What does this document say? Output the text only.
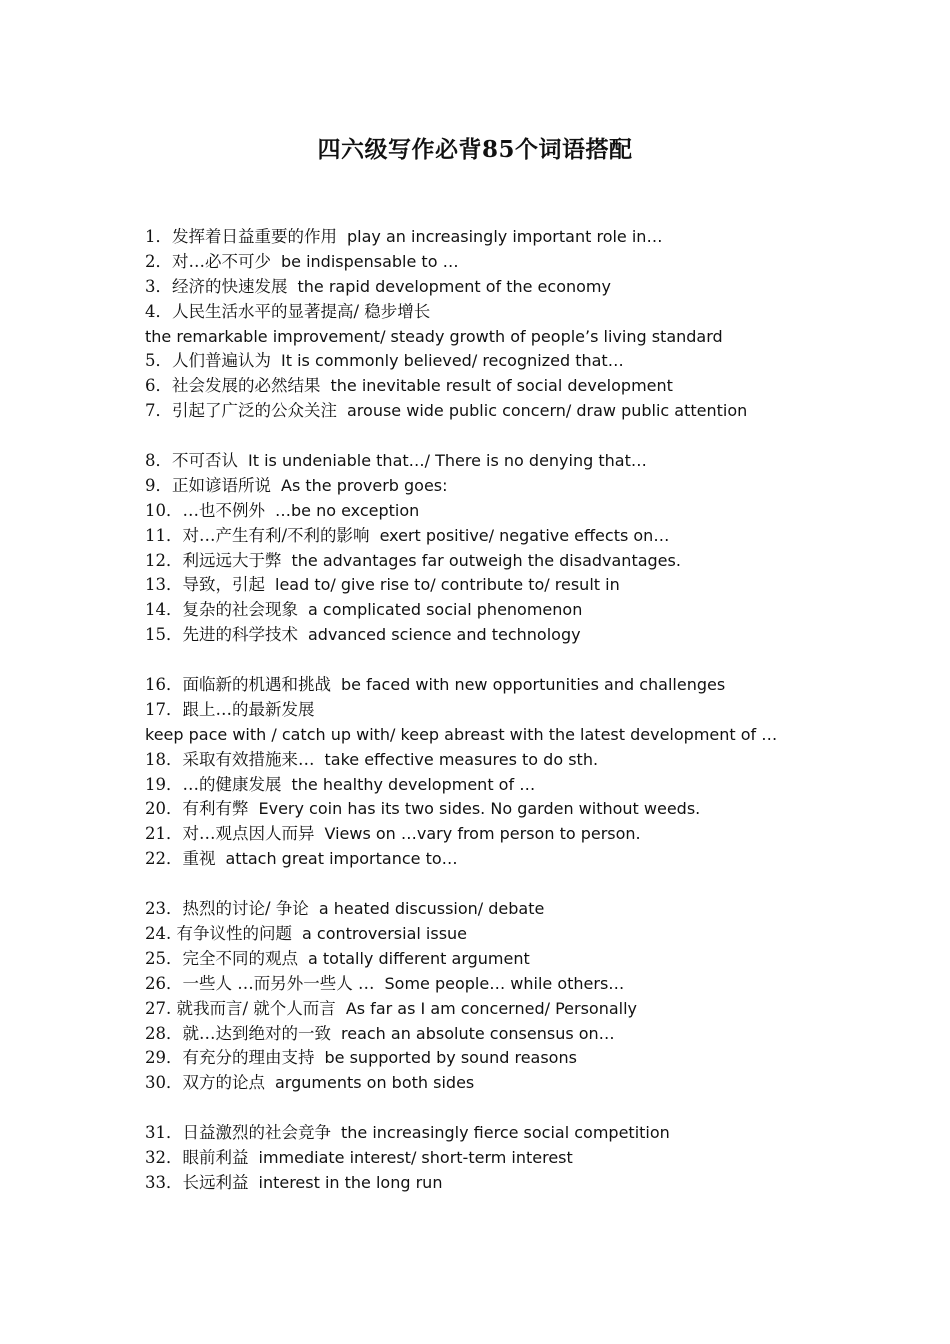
四六级写作必背85个词语搭配
1．发挥着日益重要的作用 play an increasingly important role in…
2．对…必不可少 be indispensable to …
3．经济的快速发展 the rapid development of the economy
4．人民生活水平的显著提高/ 稳步增长
the remarkable improvement/ steady growth of people’s living standard
5．人们普遍认为 It is commonly believed/ recognized that…
6．社会发展的必然结果 the inevitable result of social development
7．引起了广泛的公众关注 arouse wide public concern/ draw public attention
8．不可否认 It is undeniable that…/ There is no denying that…
9．正如谚语所说 As the proverb goes:
10．…也不例外 …be no exception
11．对…产生有利/不利的影响 exert positive/ negative effects on…
12．利远远大于弊 the advantages far outweigh the disadvantages.
13．导致，引起 lead to/ give rise to/ contribute to/ result in
14．复杂的社会现象 a complicated social phenomenon
15．先进的科学技术 advanced science and technology
16．面临新的机遇和挑战 be faced with new opportunities and challenges
17．跟上…的最新发展
keep pace with / catch up with/ keep abreast with the latest development of …
18．采取有效措施来… take effective measures to do sth.
19．…的健康发展 the healthy development of …
20．有利有弊 Every coin has its two sides. No garden without weeds.
21．对…观点因人而异 Views on …vary from person to person.
22．重视 attach great importance to…
23．热烈的讨论/ 争论 a heated discussion/ debate
24. 有争议性的问题 a controversial issue
25．完全不同的观点 a totally different argument
26．一些人 …而另外一些人 … Some people… while others…
27. 就我而言/ 就个人而言 As far as I am concerned/ Personally
28．就…达到绝对的一致 reach an absolute consensus on…
29．有充分的理由支持 be supported by sound reasons
30．双方的论点 arguments on both sides
31．日益激烈的社会竞争 the increasingly fierce social competition
32．眼前利益 immediate interest/ short-term interest
33．长远利益 interest in the long run
